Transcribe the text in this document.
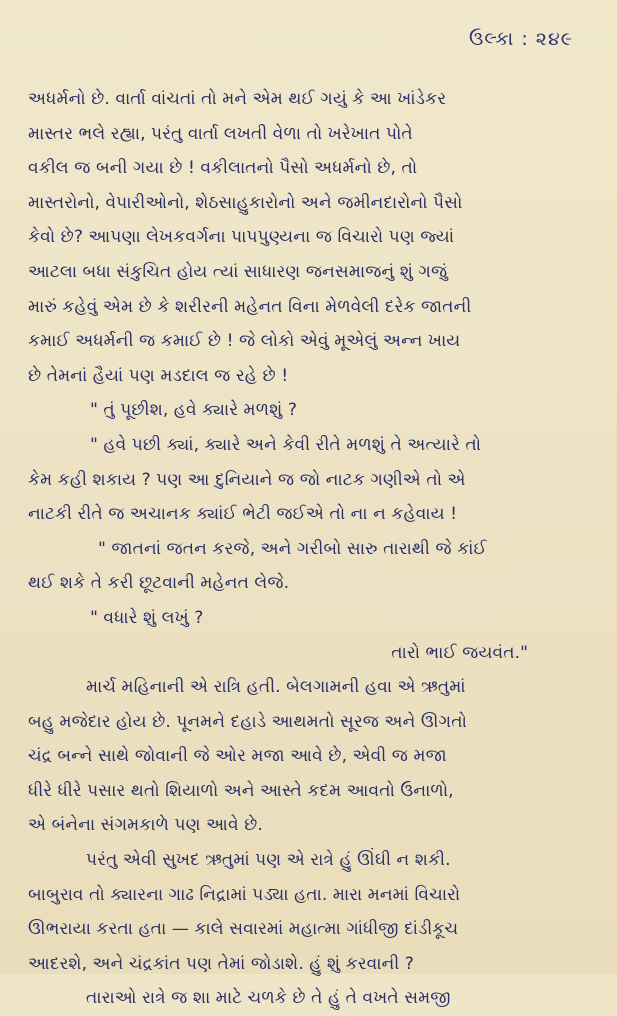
ઉલ્કા : ૨૪૯
અધર્મનો છે. વાર્તા વાંચતાં તો મને એમ થઈ ગયું કે આ ખાંડેકર
માસ્તર ભલે રહ્યા, પરંતુ વાર્તા લખતી વેળા તો ખરેખાત પોતે
વકીલ જ બની ગયા છે ! વકીલાતનો પૈસો અધર્મનો છે, તો
માસ્તરોનો, વેપારીઓનો, શેઠસાહુકારોનો અને જમીનદારોનો પૈસો
કેવો છે? આપણા લેખકવર્ગના પાપપુણ્યના જ વિચારો પણ જ્યાં
આટલા બધા સંકુચિત હોય ત્યાં સાધારણ જનસમાજનું શું ગજું
મારું કહેવું એમ છે કે શરીરની મહેનત વિના મેળવેલી દરેક જાતની
કમાઈ અધર્મની જ કમાઈ છે ! જે લોકો એવું મૂએલું અન્ન ખાય
છે તેમનાં હૈયાં પણ મડદાલ જ રહે છે !
" તું પૂછીશ, હવે ક્યારે મળશું ?
" હવે પછી ક્યાં, ક્યારે અને કેવી રીતે મળશું તે અત્યારે તો
કેમ કહી શકાય ? પણ આ દુનિયાને જ જો નાટક ગણીએ તો એ
નાટકી રીતે જ અચાનક ક્યાંઈ ભેટી જઈએ તો ના ન કહેવાય !
" જાતનાં જતન કરજે, અને ગરીબો સારુ તારાથી જે કાંઈ
થઈ શકે તે કરી છૂટવાની મહેનત લેજે.
" વધારે શું લખું ?
તારો ભાઈ જયવંત."
માર્ચ મહિનાની એ રાત્રિ હતી. બેલગામની હવા એ ઋતુમાં
બહુ મજેદાર હોય છે. પૂનમને દહાડે આથમતો સૂરજ અને ઊગતો
ચંદ્ર બન્ને સાથે જોવાની જે ઓર મજા આવે છે, એવી જ મજા
ધીરે ધીરે પસાર થતો શિયાળો અને આસ્તે કદમ આવતો ઉનાળો,
એ બંનેના સંગમકાળે પણ આવે છે.
પરંતુ એવી સુખદ ઋતુમાં પણ એ રાત્રે હું ઊંઘી ન શકી.
બાબુરાવ તો ક્યારના ગાઢ નિદ્રામાં પડ્યા હતા. મારા મનમાં વિચારો
ઊભરાયા કરતા હતા — કાલે સવારમાં મહાત્મા ગાંધીજી દાંડીકૂચ
આદરશે, અને ચંદ્રકાંત પણ તેમાં જોડાશે. હું શું કરવાની ?
તારાઓ રાત્રે જ શા માટે ચળકે છે તે હું તે વખતે સમજી
